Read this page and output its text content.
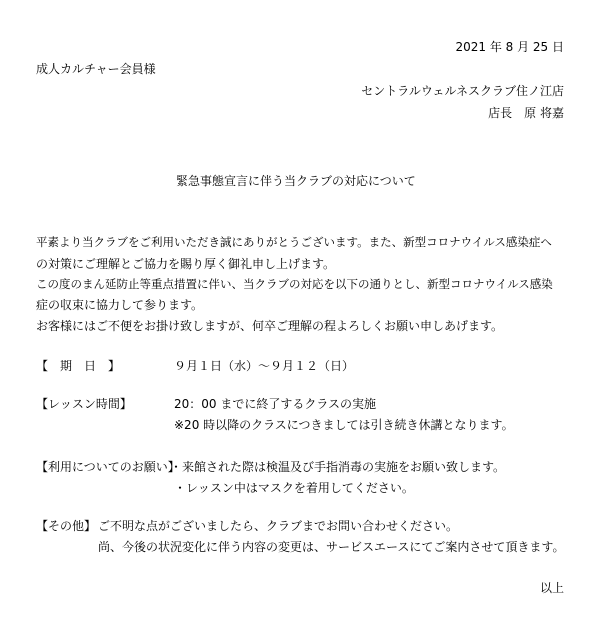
2021 年 8 月 25 日
成人カルチャー会員様
セントラルウェルネスクラブ住ノ江店
店長　原 将嘉
緊急事態宣言に伴う当クラブの対応について
平素より当クラブをご利用いただき誠にありがとうございます。また、新型コロナウイルス感染症へ
の対策にご理解とご協力を賜り厚く御礼申し上げます。
この度のまん延防止等重点措置に伴い、当クラブの対応を以下の通りとし、新型コロナウイルス感染
症の収束に協力して参ります。
お客様にはご不便をお掛け致しますが、何卒ご理解の程よろしくお願い申しあげます。
【　期　日　】	９月１日（水）～９月１２（日）
【レッスン時間】	20：00 までに終了するクラスの実施
※20 時以降のクラスにつきましては引き続き休講となります。
【利用についてのお願い】
・来館された際は検温及び手指消毒の実施をお願い致します。
・レッスン中はマスクを着用してください。
【その他】 ご不明な点がございましたら、クラブまでお問い合わせください。
尚、今後の状況変化に伴う内容の変更は、サービスエースにてご案内させて頂きます。
以上
